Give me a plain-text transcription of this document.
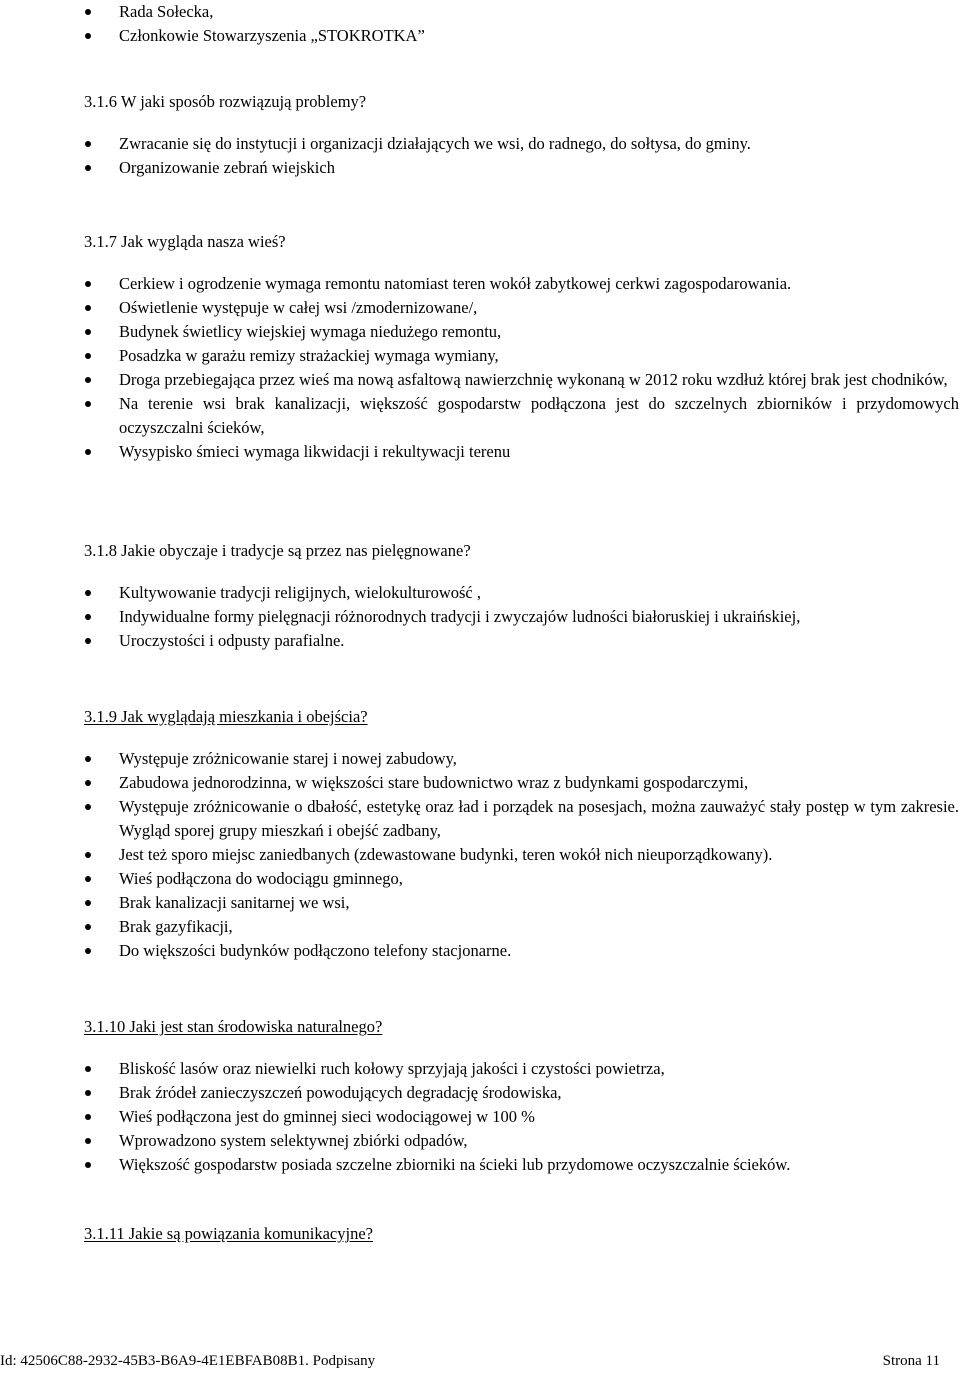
Rada Sołecka,
Członkowie Stowarzyszenia „STOKROTKA”
3.1.6 W jaki sposób rozwiązują problemy?
Zwracanie się do instytucji i organizacji działających we wsi, do radnego, do sołtysa, do gminy.
Organizowanie zebrań wiejskich
3.1.7 Jak wygląda nasza wieś?
Cerkiew i ogrodzenie wymaga remontu natomiast teren wokół zabytkowej cerkwi zagospodarowania.
Oświetlenie występuje w całej wsi /zmodernizowane/,
Budynek świetlicy wiejskiej wymaga niedużego remontu,
Posadzka w garażu remizy strażackiej wymaga wymiany,
Droga przebiegająca przez wieś ma nową asfaltową nawierzchnię wykonaną w 2012 roku wzdłuż której brak jest chodników,
Na terenie wsi brak kanalizacji, większość gospodarstw podłączona jest do szczelnych zbiorników i przydomowych oczyszczalni ścieków,
Wysypisko śmieci wymaga likwidacji i rekultywacji terenu
3.1.8 Jakie obyczaje i tradycje są przez nas pielęgnowane?
Kultywowanie tradycji religijnych, wielokulturowość ,
Indywidualne formy pielęgnacji różnorodnych tradycji i zwyczajów ludności białoruskiej i ukraińskiej,
Uroczystości i odpusty parafialne.
3.1.9 Jak wyglądają mieszkania i obejścia?
Występuje zróżnicowanie starej i nowej zabudowy,
Zabudowa jednorodzinna, w większości stare budownictwo wraz z budynkami gospodarczymi,
Występuje zróżnicowanie o dbałość, estetykę oraz ład i porządek na posesjach, można zauważyć stały postęp w tym zakresie. Wygląd sporej grupy mieszkań i obejść zadbany,
Jest też sporo miejsc zaniedbanych (zdewastowane budynki, teren wokół nich nieuporządkowany).
Wieś podłączona do wodociągu gminnego,
Brak kanalizacji sanitarnej we wsi,
Brak gazyfikacji,
Do większości budynków podłączono telefony stacjonarne.
3.1.10 Jaki jest stan środowiska naturalnego?
Bliskość lasów oraz niewielki ruch kołowy sprzyjają jakości i czystości powietrza,
Brak źródeł zanieczyszczeń powodujących degradację środowiska,
Wieś podłączona jest do gminnej sieci wodociągowej w 100 %
Wprowadzono system selektywnej zbiórki odpadów,
Większość gospodarstw posiada szczelne zbiorniki na ścieki lub przydomowe oczyszczalnie ścieków.
3.1.11 Jakie są powiązania komunikacyjne?
Id: 42506C88-2932-45B3-B6A9-4E1EBFAB08B1. Podpisany	Strona 11
